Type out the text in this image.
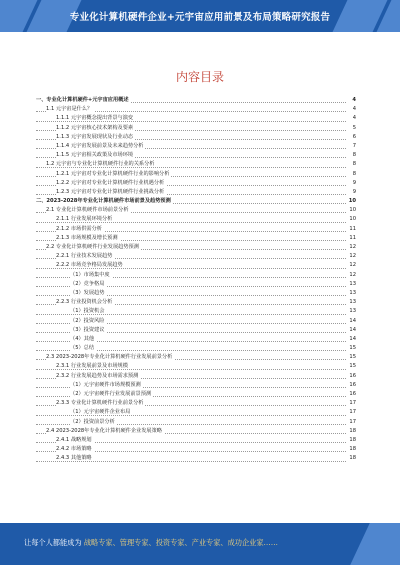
专业化计算机硬件企业+元宇宙应用前景及布局策略研究报告
内容目录
一、专业化计算机硬件+元宇宙应用概述	4
1.1 元宇宙是什么？	4
1.1.1 元宇宙概念提出背景与演变	4
1.1.2 元宇宙核心技术架构及要素	5
1.1.3 元宇宙发展现状及行业动态	6
1.1.4 元宇宙发展前景及未来趋势分析	7
1.1.5 元宇宙相关政策及市场环境	8
1.2 元宇宙与专业化计算机硬件行业的关系分析	8
1.2.1 元宇宙对专业化计算机硬件行业的影响分析	8
1.2.2 元宇宙对专业化计算机硬件行业机遇分析	9
1.2.3 元宇宙对专业化计算机硬件行业挑战分析	9
二、2023-2028年专业化计算机硬件市场前景及趋势预测	10
2.1 专业化计算机硬件市场前景分析	10
2.1.1 行业发展环境分析	10
2.1.2 市场供需分析	11
2.1.3 市场规模及增长预测	11
2.2 专业化计算机硬件行业发展趋势预测	12
2.2.1 行业技术发展趋势	12
2.2.2 市场竞争格局发展趋势	12
（1）市场集中度	12
（2）竞争格局	13
（3）发展趋势	13
2.2.3 行业投资机会分析	13
（1）投资机会	13
（2）投资风险	14
（3）投资建议	14
（4）其他	14
（5）总结	15
2.3 2023-2028年专业化计算机硬件行业发展前景分析	15
2.3.1 行业发展前景及市场规模	15
2.3.2 行业发展趋势及市场需求预测	16
（1）元宇宙硬件市场规模预测	16
（2）元宇宙硬件行业发展前景预测	16
2.3.3 专业化计算机硬件行业前景分析	17
（1）元宇宙硬件企业布局	17
（2）投资前景分析	17
2.4 2023-2028年专业化计算机硬件企业发展策略	18
2.4.1 战略规划	18
2.4.2 市场策略	18
2.4.3 其他策略	18
让每个人都能成为 战略专家、管理专家、投资专家、产业专家、成功企业家……
